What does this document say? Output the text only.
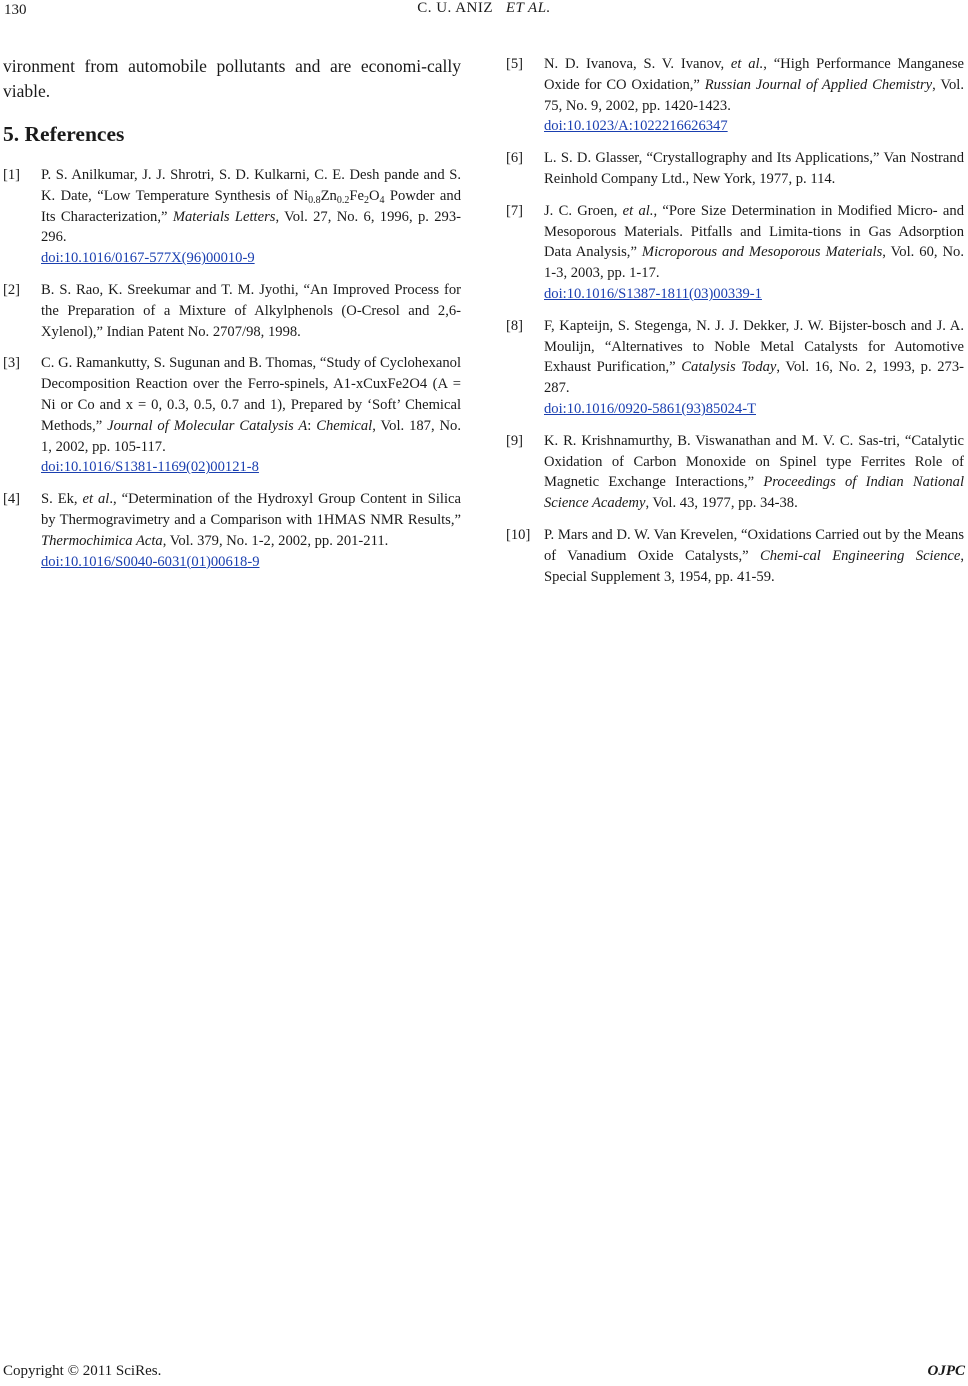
130	C. U. ANIZ ET AL.

vironment from automobile pollutants and are economi-cally viable.

5. References
[1] P. S. Anilkumar, J. J. Shrotri, S. D. Kulkarni, C. E. Desh pande and S. K. Date, “Low Temperature Synthesis of $Ni_{0.8}Zn_{0.2}Fe_2O_4$ Powder and Its Characterization,” Materials Letters, Vol. 27, No. 6, 1996, p. 293-296.
doi:10.1016/0167-577X(96)00010-9
[2] B. S. Rao, K. Sreekumar and T. M. Jyothi, “An Improved Process for the Preparation of a Mixture of Alkylphenols (O-Cresol and 2,6-Xylenol),” Indian Patent No. 2707/98, 1998.
[3] C. G. Ramankutty, S. Sugunan and B. Thomas, “Study of Cyclohexanol Decomposition Reaction over the Ferro-spinels, A1-xCuxFe2O4 (A = Ni or Co and x = 0, 0.3, 0.5, 0.7 and 1), Prepared by ‘Soft’ Chemical Methods,” Journal of Molecular Catalysis A: Chemical, Vol. 187, No. 1, 2002, pp. 105-117.
doi:10.1016/S1381-1169(02)00121-8
[4] S. Ek, et al., “Determination of the Hydroxyl Group Content in Silica by Thermogravimetry and a Comparison with 1HMAS NMR Results,” Thermochimica Acta, Vol. 379, No. 1-2, 2002, pp. 201-211.
doi:10.1016/S0040-6031(01)00618-9
[5] N. D. Ivanova, S. V. Ivanov, et al., “High Performance Manganese Oxide for CO Oxidation,” Russian Journal of Applied Chemistry, Vol. 75, No. 9, 2002, pp. 1420-1423.
doi:10.1023/A:1022216626347
[6] L. S. D. Glasser, “Crystallography and Its Applications,” Van Nostrand Reinhold Company Ltd., New York, 1977, p. 114.
[7] J. C. Groen, et al., “Pore Size Determination in Modified Micro- and Mesoporous Materials. Pitfalls and Limita-tions in Gas Adsorption Data Analysis,” Microporous and Mesoporous Materials, Vol. 60, No. 1-3, 2003, pp. 1-17.
doi:10.1016/S1387-1811(03)00339-1
[8] F, Kapteijn, S. Stegenga, N. J. J. Dekker, J. W. Bijster-bosch and J. A. Moulijn, “Alternatives to Noble Metal Catalysts for Automotive Exhaust Purification,” Catalysis Today, Vol. 16, No. 2, 1993, p. 273-287.
doi:10.1016/0920-5861(93)85024-T
[9] K. R. Krishnamurthy, B. Viswanathan and M. V. C. Sas-tri, “Catalytic Oxidation of Carbon Monoxide on Spinel type Ferrites Role of Magnetic Exchange Interactions,” Proceedings of Indian National Science Academy, Vol. 43, 1977, pp. 34-38.
[10] P. Mars and D. W. Van Krevelen, “Oxidations Carried out by the Means of Vanadium Oxide Catalysts,” Chemi-cal Engineering Science, Special Supplement 3, 1954, pp. 41-59.
Copyright © 2011 SciRes.	OJPC
